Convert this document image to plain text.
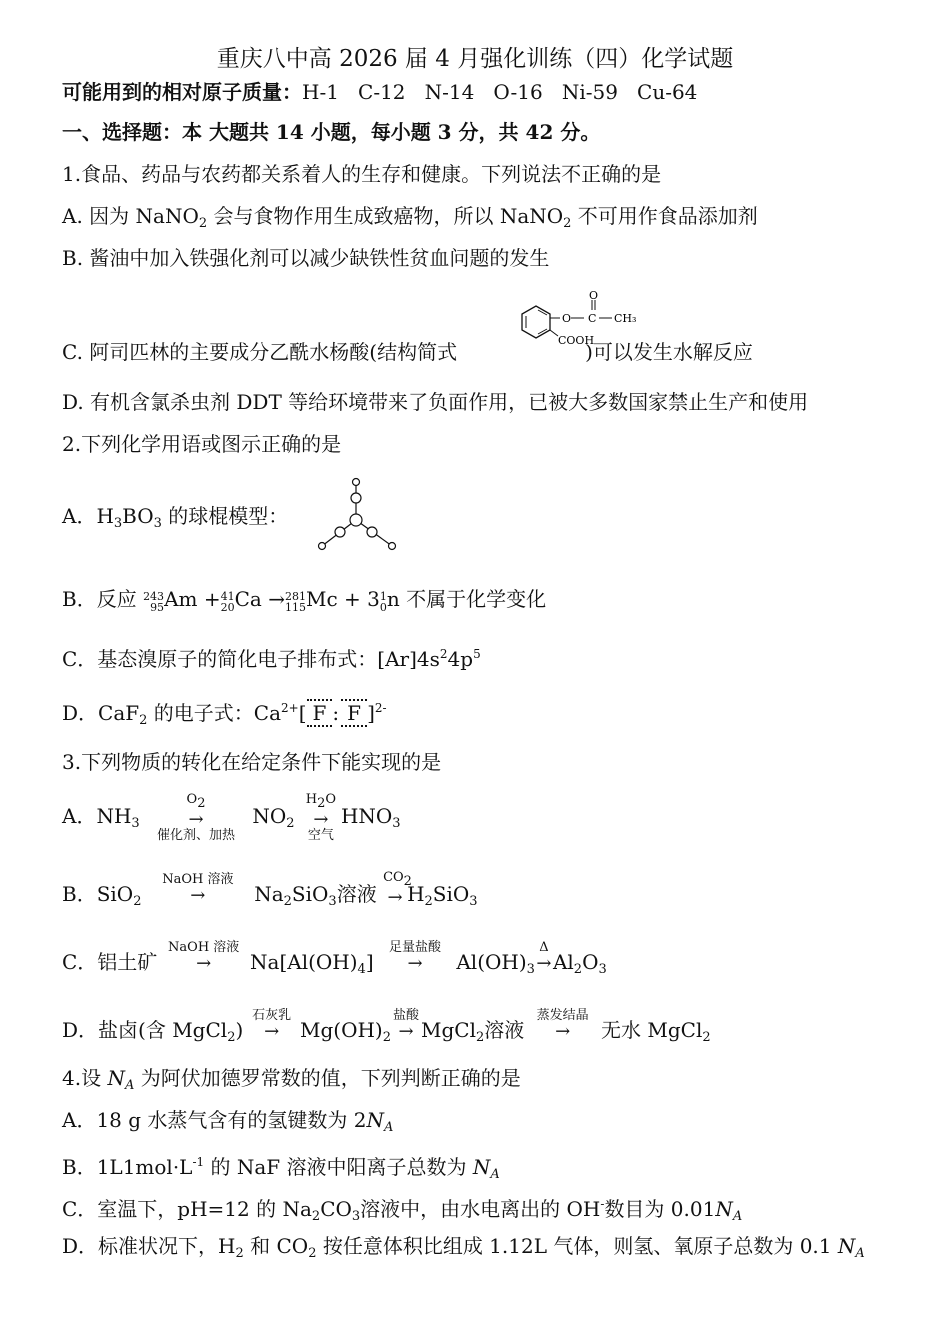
重庆八中高 2026 届 4 月强化训练（四）化学试题
可能用到的相对原子质量：H-1 C-12 N-14 O-16 Ni-59 Cu-64
一、选择题：本 大题共 14 小题，每小题 3 分，共 42 分。
1.食品、药品与农药都关系着人的生存和健康。下列说法不正确的是
A. 因为 NaNO$_2$ 会与食物作用生成致癌物，所以 NaNO$_2$ 不可用作食品添加剂
B. 酱油中加入铁强化剂可以减少缺铁性贫血问题的发生
C. 阿司匹林的主要成分乙酰水杨酸(结构简式	)可以发生水解反应
O C
O
CH₃
COOH
D. 有机含氯杀虫剂 DDT 等给环境带来了负面作用，已被大多数国家禁止生产和使用
2.下列化学用语或图示正确的是
A．$H_3BO_3$ 的球棍模型：
B．反应 243
95Am +41
20Ca →281
115Mc + 31
0n 不属于化学变化
C．基态溴原子的简化电子排布式：$[Ar]4s^24p^5$
D．CaF$_2$ 的电子式：$Ca^{2+}$[ F : F ]$^{2-}$
3.下列物质的转化在给定条件下能实现的是
A．$NH_3$
$O_2$
→
催化剂、加热
$NO_2$
$H_2O$
→
空气
$HNO_3$
B．SiO$_2$
NaOH 溶液
→
	$Na_2SiO_3$溶液
$CO_2$
→
$H_2SiO_3$
C．铝土矿
NaOH 溶液
→
	$Na[Al(OH)_4]$
足量盐酸
→
	$Al(OH)_3$
Δ
→
$Al_2O_3$
D．盐卤(含 MgCl$_2$)
石灰乳
→
	$Mg(OH)_2$
盐酸
→
MgCl$_2$溶液
蒸发结晶
→
	无水 MgCl$_2$
4.设 $N_A$ 为阿伏加德罗常数的值，下列判断正确的是
A．18 g 水蒸气含有的氢键数为 $2N_A$
B．$1L1mol\cdot L^{-1}$ 的 NaF 溶液中阳离子总数为 $N_A$
C．室温下，pH=12 的 $Na_2CO_3$溶液中，由水电离出的 OH-数目为 $0.01N_A$
D．标准状况下，$H_2$ 和 $CO_2$ 按任意体积比组成 1.12L 气体，则氢、氧原子总数为 0.1 $N_A$
